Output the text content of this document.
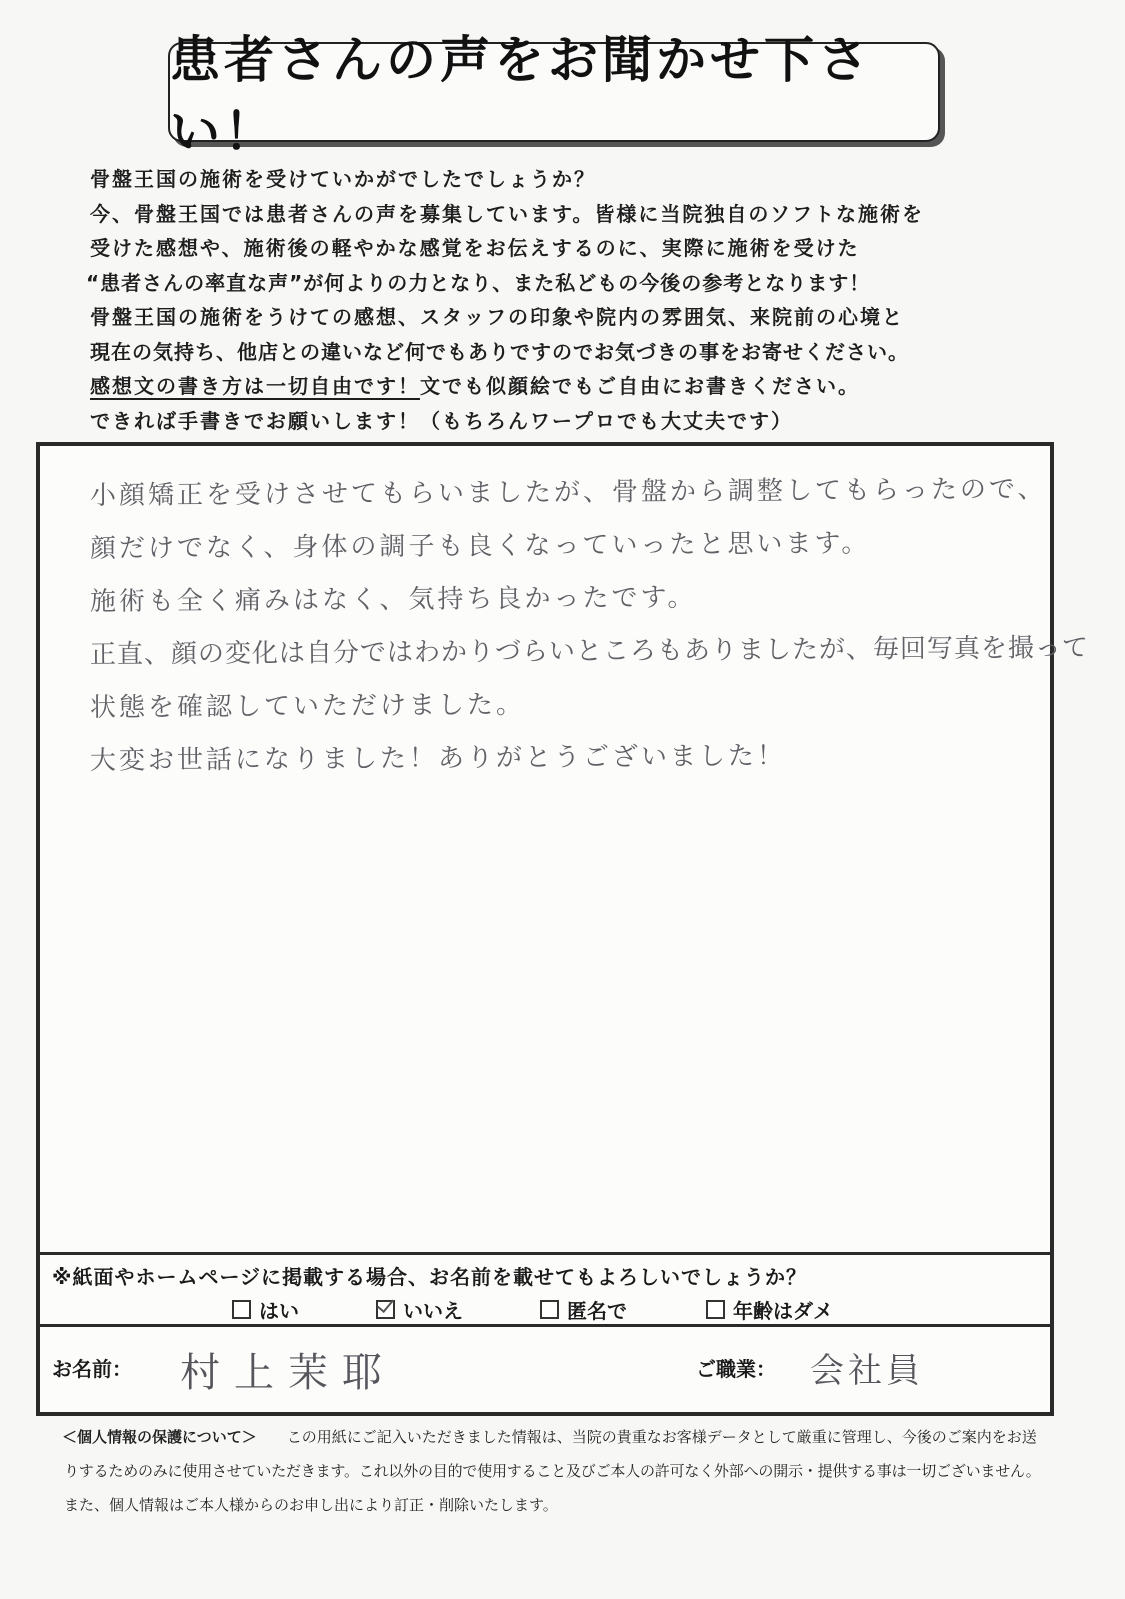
患者さんの声をお聞かせ下さい！
骨盤王国の施術を受けていかがでしたでしょうか？
今、骨盤王国では患者さんの声を募集しています。皆様に当院独自のソフトな施術を
受けた感想や、施術後の軽やかな感覚をお伝えするのに、実際に施術を受けた
“患者さんの率直な声”が何よりの力となり、また私どもの今後の参考となります！
骨盤王国の施術をうけての感想、スタッフの印象や院内の雰囲気、来院前の心境と
現在の気持ち、他店との違いなど何でもありですのでお気づきの事をお寄せください。
感想文の書き方は一切自由です！文でも似顔絵でもご自由にお書きください。
できれば手書きでお願いします！（もちろんワープロでも大丈夫です）
小顔矯正を受けさせてもらいましたが、骨盤から調整してもらったので、
顔だけでなく、身体の調子も良くなっていったと思います。
施術も全く痛みはなく、気持ち良かったです。
正直、顔の変化は自分ではわかりづらいところもありましたが、毎回写真を撮って
状態を確認していただけました。
大変お世話になりました！ありがとうございました！
※紙面やホームページに掲載する場合、お名前を載せてもよろしいでしょうか？
はい	いいえ	匿名で	年齢はダメ
お名前： 村上茉耶	ご職業： 会社員
＜個人情報の保護について＞ この用紙にご記入いただきました情報は、当院の貴重なお客様データとして厳重に管理し、今後のご案内をお送
りするためのみに使用させていただきます。これ以外の目的で使用すること及びご本人の許可なく外部への開示・提供する事は一切ございません。
また、個人情報はご本人様からのお申し出により訂正・削除いたします。
